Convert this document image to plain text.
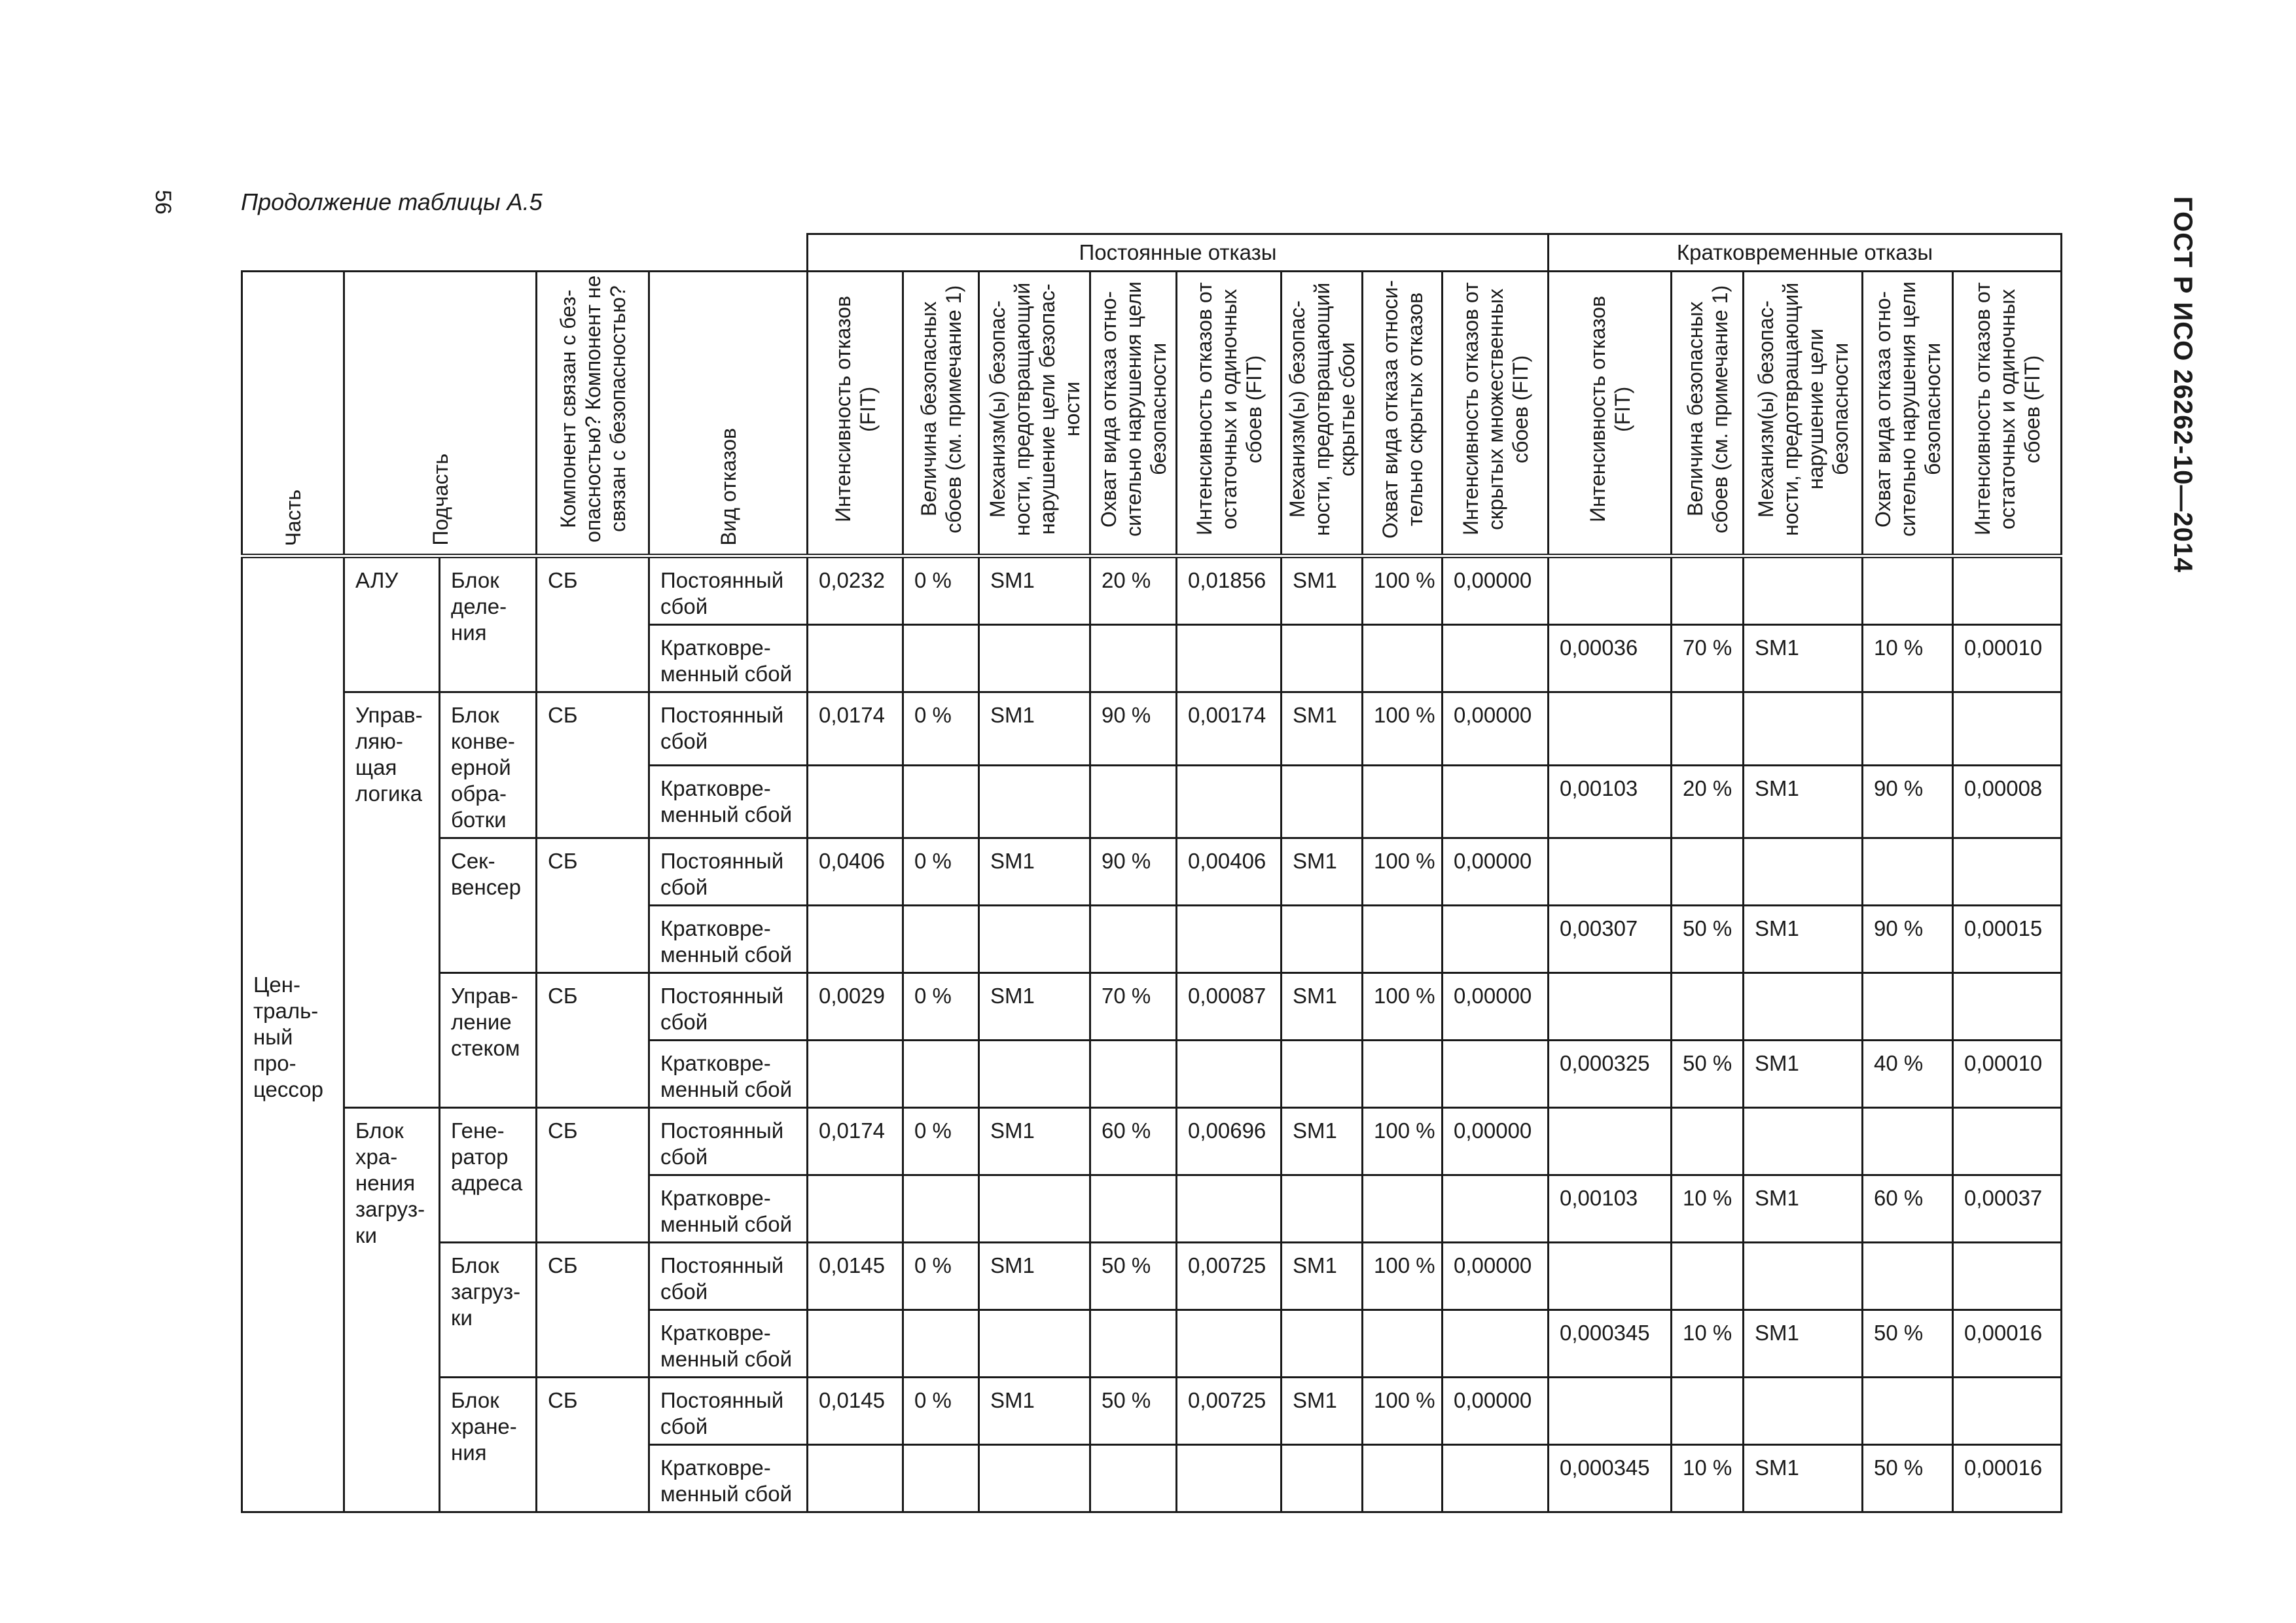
56	Продолжение таблицы А.5	ГОСТ Р ИСО 26262-10—2014
					Постоянные отказы								Кратковременные отказы				

Часть	Подчасть		Компонент связан с без-опасностью? Компонент не связан с безопасностью?	Вид отказов	Интенсивность отказов (FIT)	Величина безопасных сбоев (см. примечание 1)	Механизм(ы) безопас-ности, предотвращающий нарушение цели безопас-ности	Охват вида отказа отно-сительно нарушения цели безопасности	Интенсивность отказов от остаточных и одиночных сбоев (FIT)	Механизм(ы) безопас-ности, предотвращающий скрытые сбои	Охват вида отказа относи-тельно скрытых отказов	Интенсивность отказов от скрытых множественных сбоев (FIT)	Интенсивность отказов (FIT)	Величина безопасных сбоев (см. примечание 1)	Механизм(ы) безопас-ности, предотвращающий нарушение цели безопасности	Охват вида отказа отно-сительно нарушения цели безопасности	Интенсивность отказов от остаточных и одиночных сбоев (FIT)

Цен-траль-ный про-цессор	АЛУ	Блок деле-ния	СБ	Постоянный сбой	0,0232	0 %	SM1	20 %	0,01856	SM1	100 %	0,00000					
				Кратковре-менный сбой									0,00036	70 %	SM1	10 %	0,00010
	Управ-ляю-щая логика	Блок конве-ерной обра-ботки	СБ	Постоянный сбой	0,0174	0 %	SM1	90 %	0,00174	SM1	100 %	0,00000					
				Кратковре-менный сбой									0,00103	20 %	SM1	90 %	0,00008
		Сек-венсер	СБ	Постоянный сбой	0,0406	0 %	SM1	90 %	0,00406	SM1	100 %	0,00000					
				Кратковре-менный сбой									0,00307	50 %	SM1	90 %	0,00015
		Управ-ление стеком	СБ	Постоянный сбой	0,0029	0 %	SM1	70 %	0,00087	SM1	100 %	0,00000					
				Кратковре-менный сбой									0,000325	50 %	SM1	40 %	0,00010
	Блок хра-нения загруз-ки	Гене-ратор адреса	СБ	Постоянный сбой	0,0174	0 %	SM1	60 %	0,00696	SM1	100 %	0,00000					
				Кратковре-менный сбой									0,00103	10 %	SM1	60 %	0,00037
		Блок загруз-ки	СБ	Постоянный сбой	0,0145	0 %	SM1	50 %	0,00725	SM1	100 %	0,00000					
				Кратковре-менный сбой									0,000345	10 %	SM1	50 %	0,00016
		Блок хране-ния	СБ	Постоянный сбой	0,0145	0 %	SM1	50 %	0,00725	SM1	100 %	0,00000					
				Кратковре-менный сбой									0,000345	10 %	SM1	50 %	0,00016
